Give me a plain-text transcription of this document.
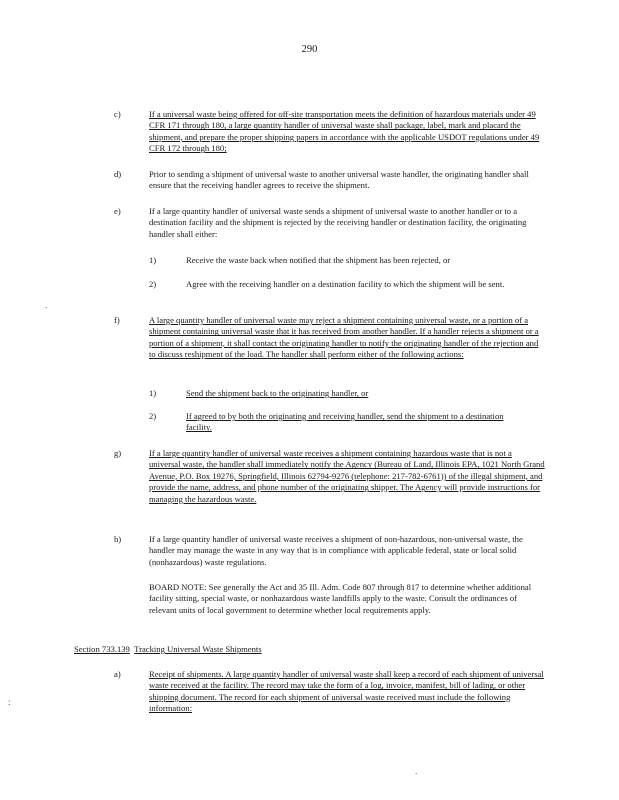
290
c)	If a universal waste being offered for off-site transportation meets the definition of hazardous materials under 49 CFR 171 through 180, a large quantity handler of universal waste shall package, label, mark and placard the shipment, and prepare the proper shipping papers in accordance with the applicable USDOT regulations under 49 CFR 172 through 180;
d)	Prior to sending a shipment of universal waste to another universal waste handler, the originating handler shall ensure that the receiving handler agrees to receive the shipment.
e)	If a large quantity handler of universal waste sends a shipment of universal waste to another handler or to a destination facility and the shipment is rejected by the receiving handler or destination facility, the originating handler shall either:
1)	Receive the waste back when notified that the shipment has been rejected, or
2)	Agree with the receiving handler on a destination facility to which the shipment will be sent.
f)	A large quantity handler of universal waste may reject a shipment containing universal waste, or a portion of a shipment containing universal waste that it has received from another handler. If a handler rejects a shipment or a portion of a shipment, it shall contact the originating handler to notify the originating handler of the rejection and to discuss reshipment of the load. The handler shall perform either of the following actions:
1)	Send the shipment back to the originating handler, or
2)	If agreed to by both the originating and receiving handler, send the shipment to a destination facility.
g)	If a large quantity handler of universal waste receives a shipment containing hazardous waste that is not a universal waste, the handler shall immediately notify the Agency (Bureau of Land, Illinois EPA, 1021 North Grand Avenue, P.O. Box 19276, Springfield, Illinois 62794-9276 (telephone: 217-782-6761)) of the illegal shipment, and provide the name, address, and phone number of the originating shipper. The Agency will provide instructions for managing the hazardous waste.
h)	If a large quantity handler of universal waste receives a shipment of non-hazardous, non-universal waste, the handler may manage the waste in any way that is in compliance with applicable federal, state or local solid (nonhazardous) waste regulations.
BOARD NOTE: See generally the Act and 35 Ill. Adm. Code 807 through 817 to determine whether additional facility sitting, special waste, or nonhazardous waste landfills apply to the waste. Consult the ordinances of relevant units of local government to determine whether local requirements apply.
Section 733.139 Tracking Universal Waste Shipments
a)	Receipt of shipments. A large quantity handler of universal waste shall keep a record of each shipment of universal waste received at the facility. The record may take the form of a log, invoice, manifest, bill of lading, or other shipping document. The record for each shipment of universal waste received must include the following information:
.
:
.
